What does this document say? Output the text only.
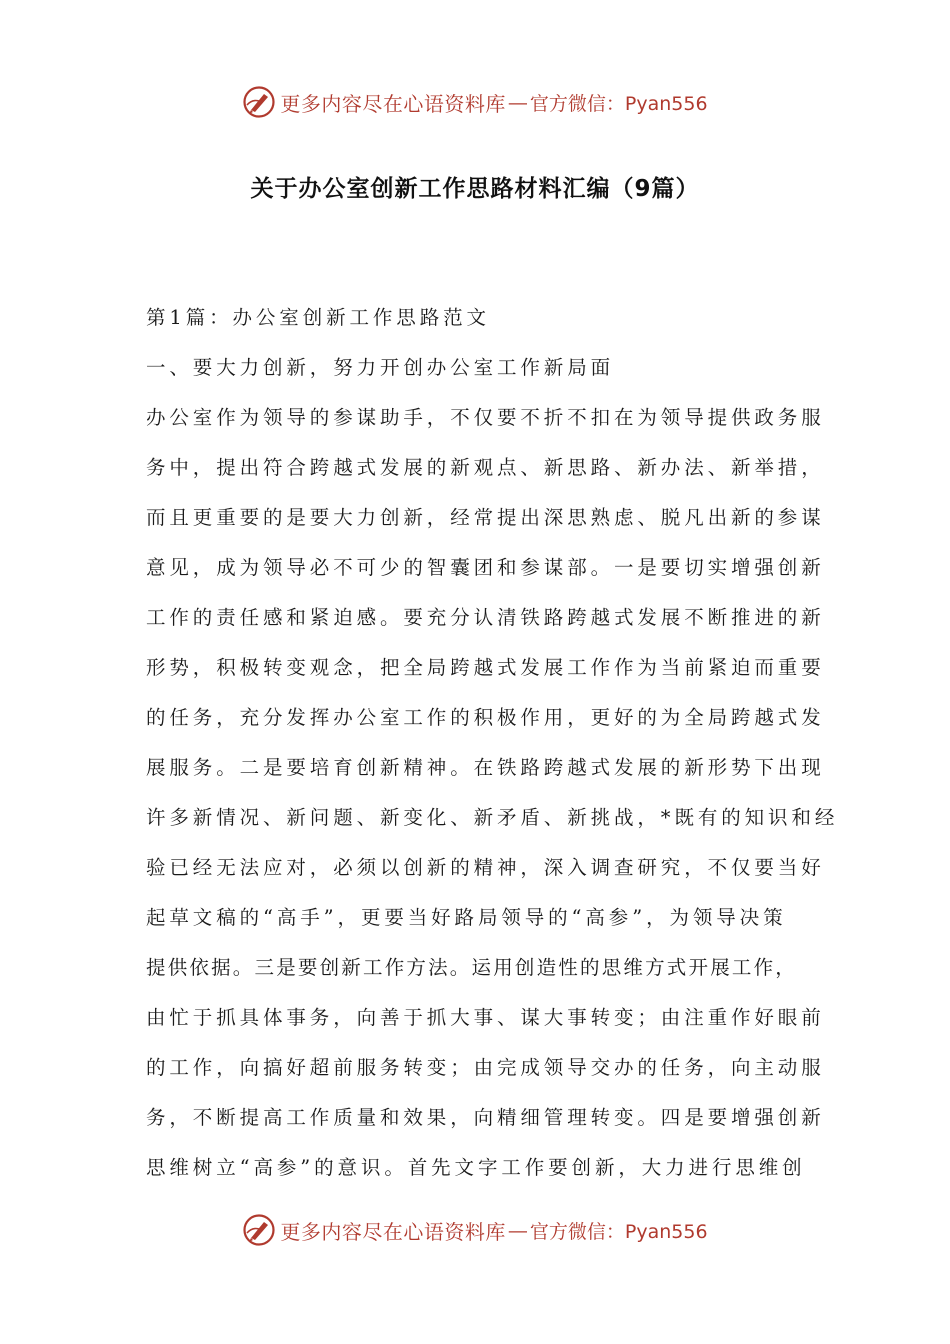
更多内容尽在心语资料库 — 官方微信：Pyan556
关于办公室创新工作思路材料汇编（9篇）
第1篇：办公室创新工作思路范文
一、要大力创新，努力开创办公室工作新局面
办公室作为领导的参谋助手，不仅要不折不扣在为领导提供政务服
务中，提出符合跨越式发展的新观点、新思路、新办法、新举措，
而且更重要的是要大力创新，经常提出深思熟虑、脱凡出新的参谋
意见，成为领导必不可少的智囊团和参谋部。一是要切实增强创新
工作的责任感和紧迫感。要充分认清铁路跨越式发展不断推进的新
形势，积极转变观念，把全局跨越式发展工作作为当前紧迫而重要
的任务，充分发挥办公室工作的积极作用，更好的为全局跨越式发
展服务。二是要培育创新精神。在铁路跨越式发展的新形势下出现
许多新情况、新问题、新变化、新矛盾、新挑战，*既有的知识和经
验已经无法应对，必须以创新的精神，深入调查研究，不仅要当好
起草文稿的“高手”，更要当好路局领导的“高参”，为领导决策
提供依据。三是要创新工作方法。运用创造性的思维方式开展工作，
由忙于抓具体事务，向善于抓大事、谋大事转变；由注重作好眼前
的工作，向搞好超前服务转变；由完成领导交办的任务，向主动服
务，不断提高工作质量和效果，向精细管理转变。四是要增强创新
思维树立“高参”的意识。首先文字工作要创新，大力进行思维创
更多内容尽在心语资料库 — 官方微信：Pyan556
